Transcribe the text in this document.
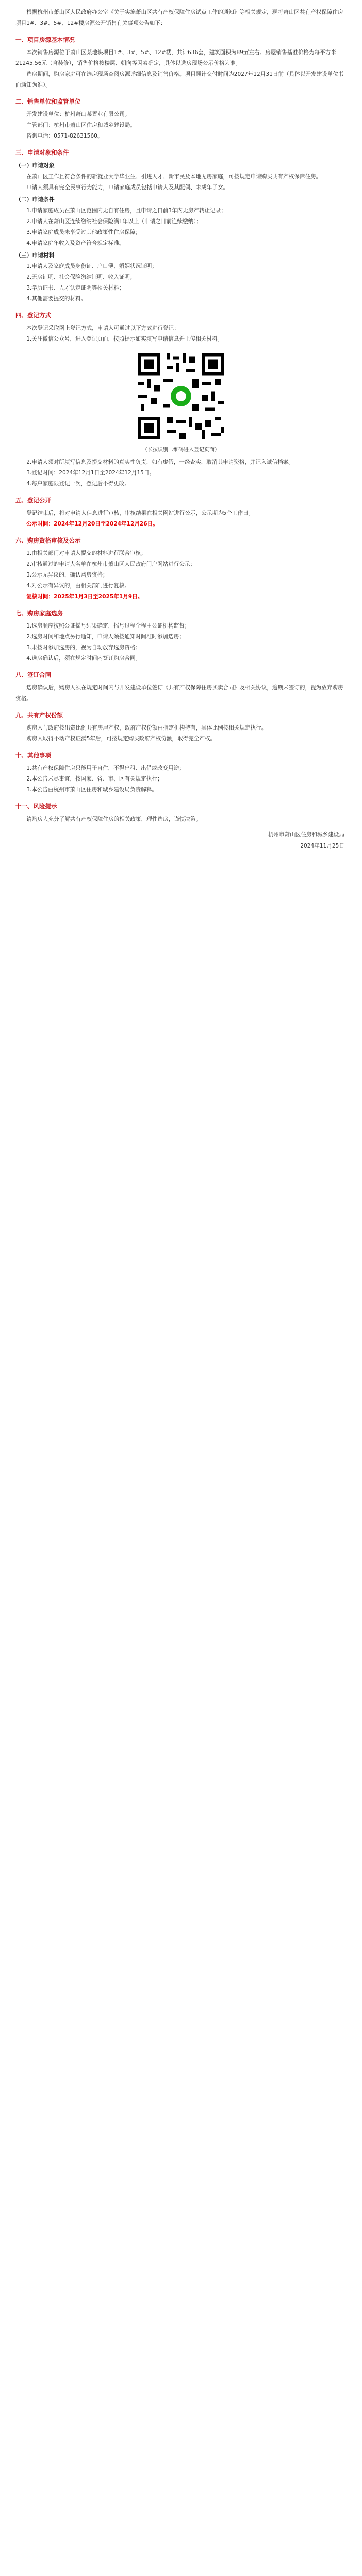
根据杭州市萧山区人民政府办公室《关于实施萧山区共有产权保障住房试点工作的通知》等相关规定，现将萧山区共有产权保障住房项目1#、3#、5#、12#楼房源公开销售有关事项公告如下：

一、项目房源基本情况

本次销售房源位于萧山区某地块项目1#、3#、5#、12#楼，共计636套，建筑面积为89㎡左右。房屋销售基准价格为每平方米21245.56元（含装修），销售价格按楼层、朝向等因素确定，具体以选房现场公示价格为准。

选房期间，购房家庭可在选房现场查阅房源详细信息及销售价格。项目预计交付时间为2027年12月31日前（具体以开发建设单位书面通知为准）。

二、销售单位和监管单位

开发建设单位：杭州萧山某置业有限公司。

主管部门：杭州市萧山区住房和城乡建设局。

咨询电话：0571-82631560。

三、申请对象和条件
（一）申请对象

在萧山区工作且符合条件的新就业大学毕业生、引进人才、新市民及本地无房家庭，可按规定申请购买共有产权保障住房。

申请人须具有完全民事行为能力，申请家庭成员包括申请人及其配偶、未成年子女。

（二）申请条件

1.申请家庭成员在萧山区范围内无自有住房，且申请之日前3年内无房产转让记录；

2.申请人在萧山区连续缴纳社会保险满1年以上（申请之日前连续缴纳）；

3.申请家庭成员未享受过其他政策性住房保障；

4.申请家庭年收入及资产符合规定标准。

（三）申请材料

1.申请人及家庭成员身份证、户口簿、婚姻状况证明；

2.无房证明、社会保险缴纳证明、收入证明；

3.学历证书、人才认定证明等相关材料；

4.其他需要提交的材料。

四、登记方式

本次登记采取网上登记方式，申请人可通过以下方式进行登记：

1.关注微信公众号，进入登记页面，按照提示如实填写申请信息并上传相关材料。

（长按识别二维码进入登记页面）

2.申请人须对所填写信息及提交材料的真实性负责，如有虚假，一经查实，取消其申请资格，并记入诚信档案。

3.登记时间：2024年12月1日至2024年12月15日。

4.每户家庭限登记一次，登记后不得更改。

五、登记公开

登记结束后，将对申请人信息进行审核，审核结果在相关网站进行公示，公示期为5个工作日。

公示时间：2024年12月20日至2024年12月26日。

六、购房资格审核及公示

1.由相关部门对申请人提交的材料进行联合审核；

2.审核通过的申请人名单在杭州市萧山区人民政府门户网站进行公示；

3.公示无异议的，确认购房资格；

4.对公示有异议的，由相关部门进行复核。

复核时间：2025年1月3日至2025年1月9日。

七、购房家庭选房

1.选房顺序按照公证摇号结果确定，摇号过程全程由公证机构监督；

2.选房时间和地点另行通知，申请人须按通知时间准时参加选房；

3.未按时参加选房的，视为自动放弃选房资格；

4.选房确认后，须在规定时间内签订购房合同。

八、签订合同

选房确认后，购房人须在规定时间内与开发建设单位签订《共有产权保障住房买卖合同》及相关协议，逾期未签订的，视为放弃购房资格。

九、共有产权份额

购房人与政府按出资比例共有房屋产权，政府产权份额由指定机构持有，具体比例按相关规定执行。

购房人取得不动产权证满5年后，可按规定购买政府产权份额，取得完全产权。

十、其他事项

1.共有产权保障住房只能用于自住，不得出租、出借或改变用途；

2.本公告未尽事宜，按国家、省、市、区有关规定执行；

3.本公告由杭州市萧山区住房和城乡建设局负责解释。

十一、风险提示

请购房人充分了解共有产权保障住房的相关政策，理性选房，谨慎决策。

杭州市萧山区住房和城乡建设局

2024年11月25日
